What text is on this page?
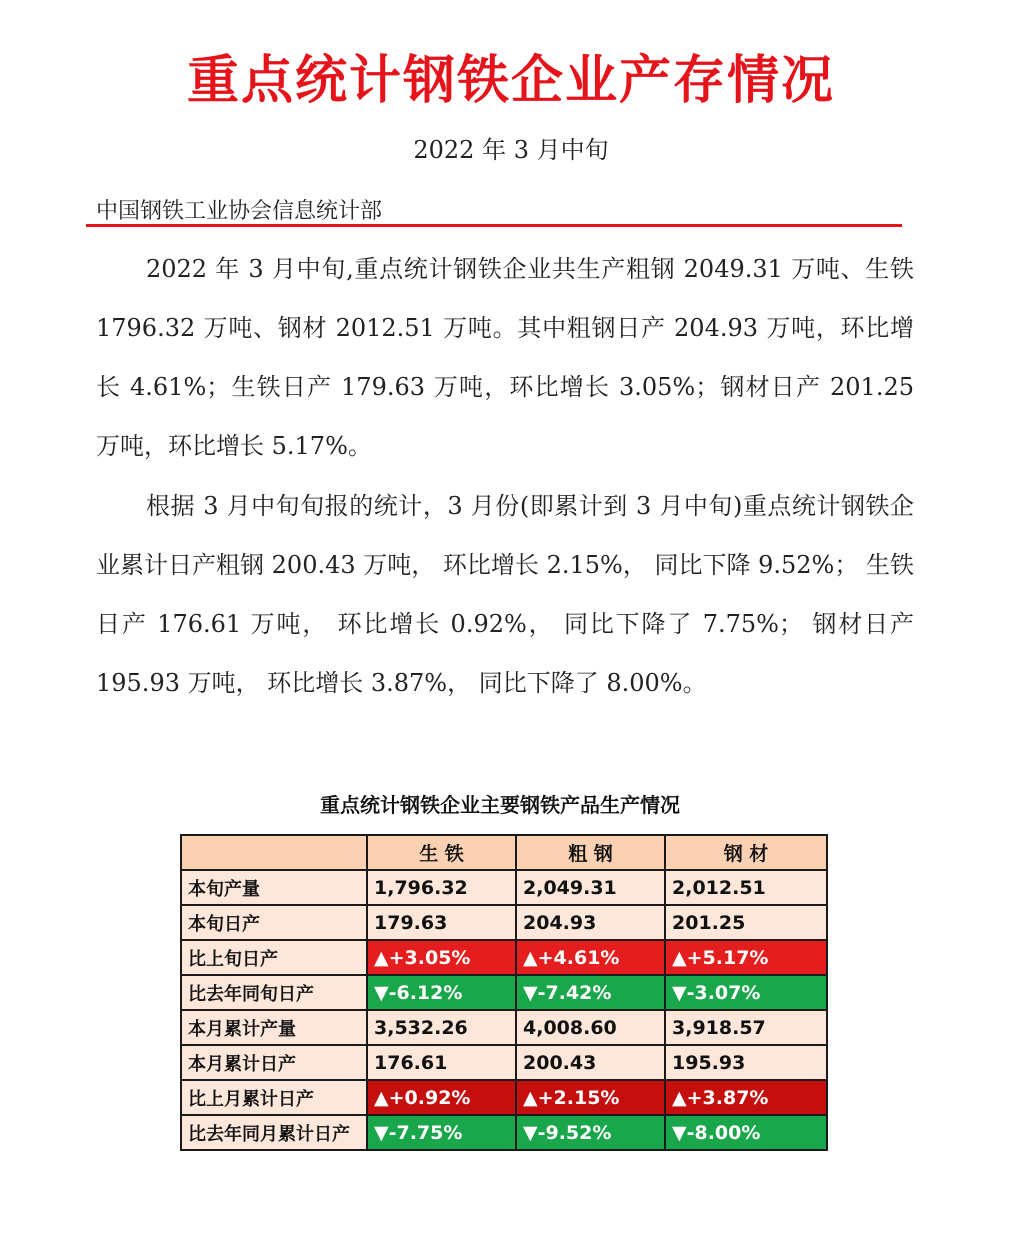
重点统计钢铁企业产存情况
2022 年 3 月中旬
中国钢铁工业协会信息统计部

2022 年 3 月中旬,重点统计钢铁企业共生产粗钢 2049.31 万吨、生铁 1796.32 万吨、钢材 2012.51 万吨。其中粗钢日产 204.93 万吨，环比增长 4.61%；生铁日产 179.63 万吨，环比增长 3.05%；钢材日产 201.25 万吨，环比增长 5.17%。

根据 3 月中旬旬报的统计，3 月份(即累计到 3 月中旬)重点统计钢铁企业累计日产粗钢 200.43 万吨， 环比增长 2.15%， 同比下降 9.52%； 生铁日产 176.61 万吨， 环比增长 0.92%， 同比下降了 7.75%； 钢材日产 195.93 万吨， 环比增长 3.87%， 同比下降了 8.00%。

重点统计钢铁企业主要钢铁产品生产情况
	生 铁	粗 钢	钢 材
本旬产量	1,796.32	2,049.31	2,012.51
本旬日产	179.63	204.93	201.25
比上旬日产	▲+3.05%	▲+4.61%	▲+5.17%
比去年同旬日产	▼-6.12%	▼-7.42%	▼-3.07%
本月累计产量	3,532.26	4,008.60	3,918.57
本月累计日产	176.61	200.43	195.93
比上月累计日产	▲+0.92%	▲+2.15%	▲+3.87%
比去年同月累计日产	▼-7.75%	▼-9.52%	▼-8.00%
